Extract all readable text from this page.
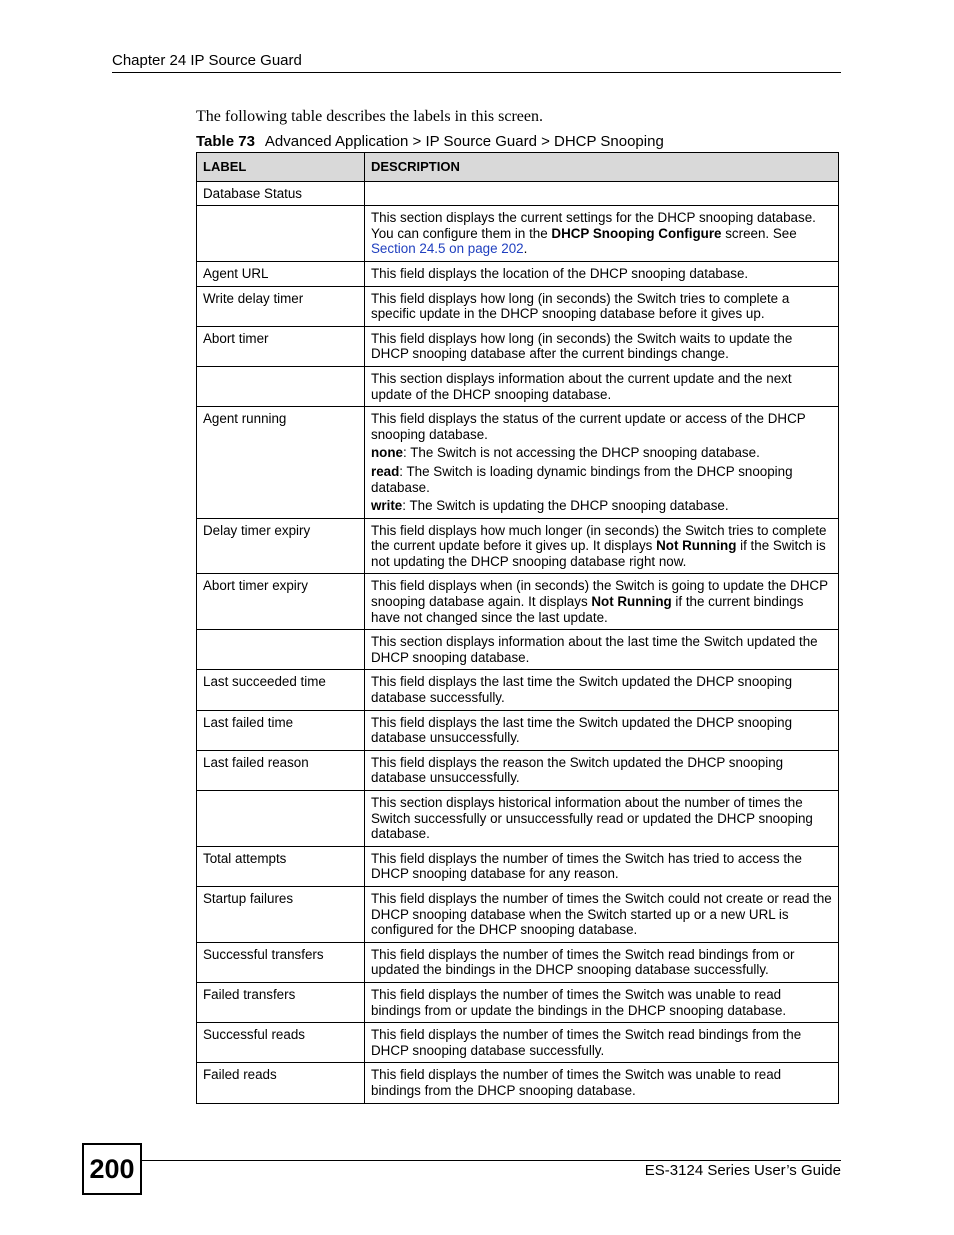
Chapter 24 IP Source Guard
The following table describes the labels in this screen.
Table 73 Advanced Application > IP Source Guard > DHCP Snooping
LABEL	DESCRIPTION
Database Status	

	This section displays the current settings for the DHCP snooping database. You can configure them in the DHCP Snooping Configure screen. See Section 24.5 on page 202.

Agent URL	This field displays the location of the DHCP snooping database.

Write delay timer	This field displays how long (in seconds) the Switch tries to complete a specific update in the DHCP snooping database before it gives up.

Abort timer	This field displays how long (in seconds) the Switch waits to update the DHCP snooping database after the current bindings change.

	This section displays information about the current update and the next update of the DHCP snooping database.

Agent running	This field displays the status of the current update or access of the DHCP snooping database.
none: The Switch is not accessing the DHCP snooping database.
read: The Switch is loading dynamic bindings from the DHCP snooping database.
write: The Switch is updating the DHCP snooping database.

Delay timer expiry	This field displays how much longer (in seconds) the Switch tries to complete the current update before it gives up. It displays Not Running if the Switch is not updating the DHCP snooping database right now.

Abort timer expiry	This field displays when (in seconds) the Switch is going to update the DHCP snooping database again. It displays Not Running if the current bindings have not changed since the last update.

	This section displays information about the last time the Switch updated the DHCP snooping database.

Last succeeded time	This field displays the last time the Switch updated the DHCP snooping database successfully.

Last failed time	This field displays the last time the Switch updated the DHCP snooping database unsuccessfully.

Last failed reason	This field displays the reason the Switch updated the DHCP snooping database unsuccessfully.

	This section displays historical information about the number of times the Switch successfully or unsuccessfully read or updated the DHCP snooping database.

Total attempts	This field displays the number of times the Switch has tried to access the DHCP snooping database for any reason.

Startup failures	This field displays the number of times the Switch could not create or read the DHCP snooping database when the Switch started up or a new URL is configured for the DHCP snooping database.

Successful transfers	This field displays the number of times the Switch read bindings from or updated the bindings in the DHCP snooping database successfully.

Failed transfers	This field displays the number of times the Switch was unable to read bindings from or update the bindings in the DHCP snooping database.

Successful reads	This field displays the number of times the Switch read bindings from the DHCP snooping database successfully.

Failed reads	This field displays the number of times the Switch was unable to read bindings from the DHCP snooping database.
200	ES-3124 Series User’s Guide
